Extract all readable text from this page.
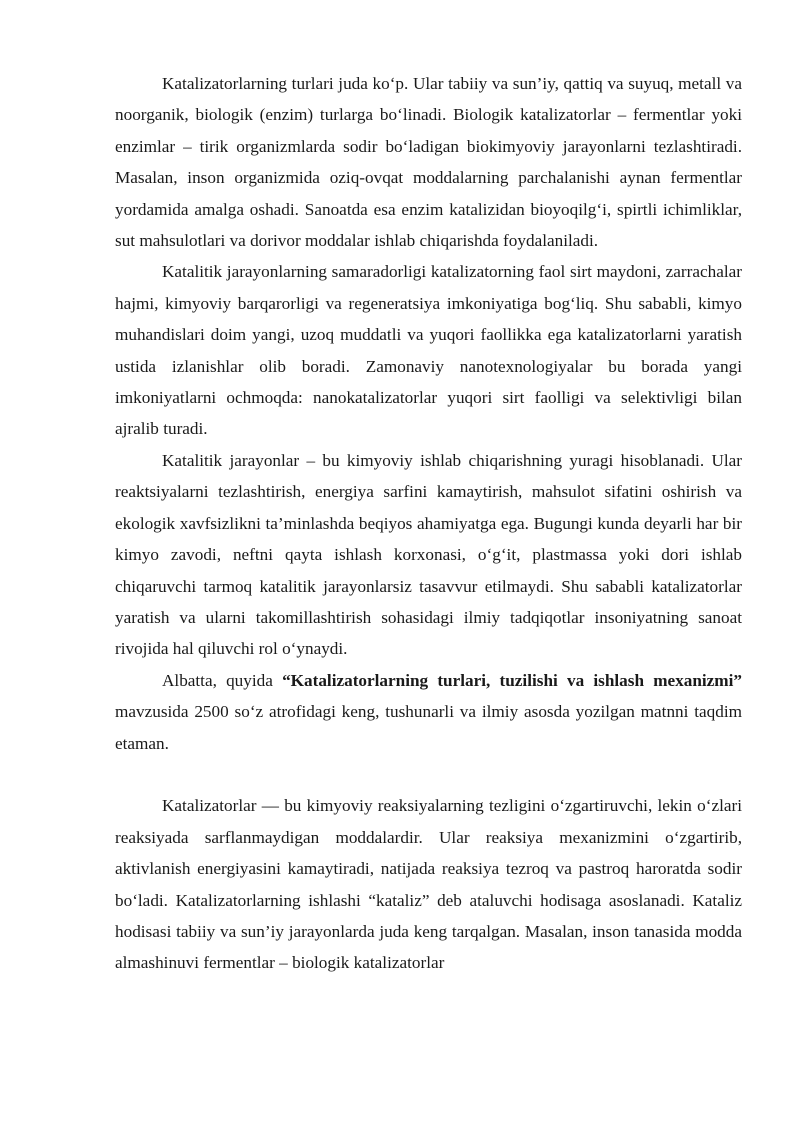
Katalizatorlarning turlari juda ko‘p. Ular tabiiy va sun’iy, qattiq va suyuq, metall va noorganik, biologik (enzim) turlarga bo‘linadi. Biologik katalizatorlar – fermentlar yoki enzimlar – tirik organizmlarda sodir bo‘ladigan biokimyoviy jarayonlarni tezlashtiradi. Masalan, inson organizmida oziq-ovqat moddalarning parchalanishi aynan fermentlar yordamida amalga oshadi. Sanoatda esa enzim katalizidan bioyoqilg‘i, spirtli ichimliklar, sut mahsulotlari va dorivor moddalar ishlab chiqarishda foydalaniladi.

Katalitik jarayonlarning samaradorligi katalizatorning faol sirt maydoni, zarrachalar hajmi, kimyoviy barqarorligi va regeneratsiya imkoniyatiga bog‘liq. Shu sababli, kimyo muhandislari doim yangi, uzoq muddatli va yuqori faollikka ega katalizatorlarni yaratish ustida izlanishlar olib boradi. Zamonaviy nanotexnologiyalar bu borada yangi imkoniyatlarni ochmoqda: nanokatalizatorlar yuqori sirt faolligi va selektivligi bilan ajralib turadi.

Katalitik jarayonlar – bu kimyoviy ishlab chiqarishning yuragi hisoblanadi. Ular reaktsiyalarni tezlashtirish, energiya sarfini kamaytirish, mahsulot sifatini oshirish va ekologik xavfsizlikni ta’minlashda beqiyos ahamiyatga ega. Bugungi kunda deyarli har bir kimyo zavodi, neftni qayta ishlash korxonasi, o‘g‘it, plastmassa yoki dori ishlab chiqaruvchi tarmoq katalitik jarayonlarsiz tasavvur etilmaydi. Shu sababli katalizatorlar yaratish va ularni takomillashtirish sohasidagi ilmiy tadqiqotlar insoniyatning sanoat rivojida hal qiluvchi rol o‘ynaydi.

Albatta, quyida “Katalizatorlarning turlari, tuzilishi va ishlash mexanizmi” mavzusida 2500 so‘z atrofidagi keng, tushunarli va ilmiy asosda yozilgan matnni taqdim etaman.

Katalizatorlar — bu kimyoviy reaksiyalarning tezligini o‘zgartiruvchi, lekin o‘zlari reaksiyada sarflanmaydigan moddalardir. Ular reaksiya mexanizmini o‘zgartirib, aktivlanish energiyasini kamaytiradi, natijada reaksiya tezroq va pastroq haroratda sodir bo‘ladi. Katalizatorlarning ishlashi “kataliz” deb ataluvchi hodisaga asoslanadi. Kataliz hodisasi tabiiy va sun’iy jarayonlarda juda keng tarqalgan. Masalan, inson tanasida modda almashinuvi fermentlar – biologik katalizatorlar
